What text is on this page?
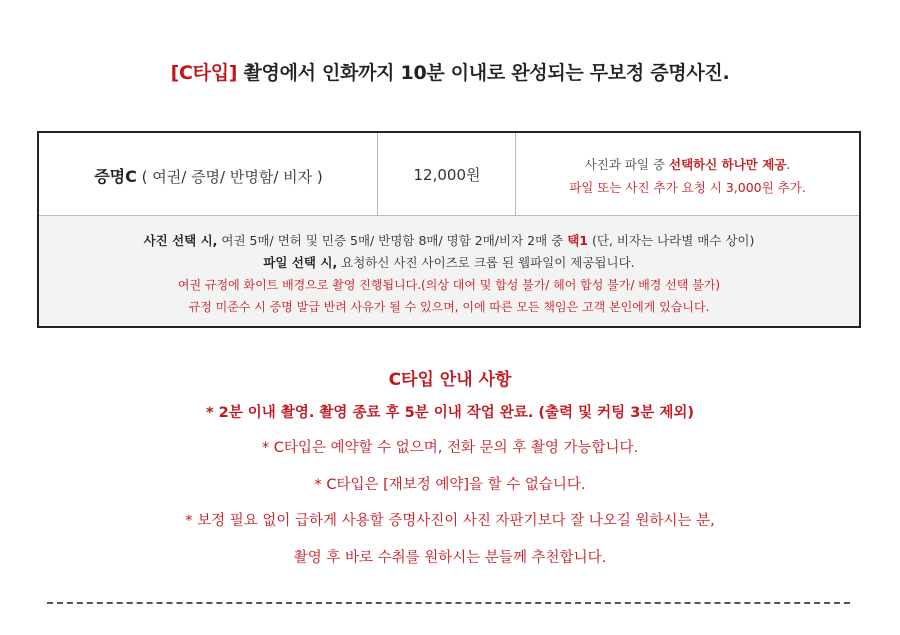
[C타입] 촬영에서 인화까지 10분 이내로 완성되는 무보정 증명사진.
증명C ( 여권/ 증명/ 반명함/ 비자 )	12,000원
사진과 파일 중 선택하신 하나만 제공.
파일 또는 사진 추가 요청 시 3,000원 추가.
사진 선택 시, 여권 5매/ 면허 및 민증 5매/ 반명함 8매/ 명함 2매/비자 2매 중 택1 (단, 비자는 나라별 매수 상이)
파일 선택 시, 요청하신 사진 사이즈로 크롭 된 웹파일이 제공됩니다.
여권 규정에 화이트 배경으로 촬영 진행됩니다.(의상 대여 및 합성 불가/ 헤어 합성 불가/ 배경 선택 불가)
규정 미준수 시 증명 발급 반려 사유가 될 수 있으며, 이에 따른 모든 책임은 고객 본인에게 있습니다.
C타입 안내 사항
* 2분 이내 촬영. 촬영 종료 후 5분 이내 작업 완료. (출력 및 커팅 3분 제외)
* C타입은 예약할 수 없으며, 전화 문의 후 촬영 가능합니다.
* C타입은 [재보정 예약]을 할 수 없습니다.
* 보정 필요 없이 급하게 사용할 증명사진이 사진 자판기보다 잘 나오길 원하시는 분,
촬영 후 바로 수취를 원하시는 분들께 추천합니다.
